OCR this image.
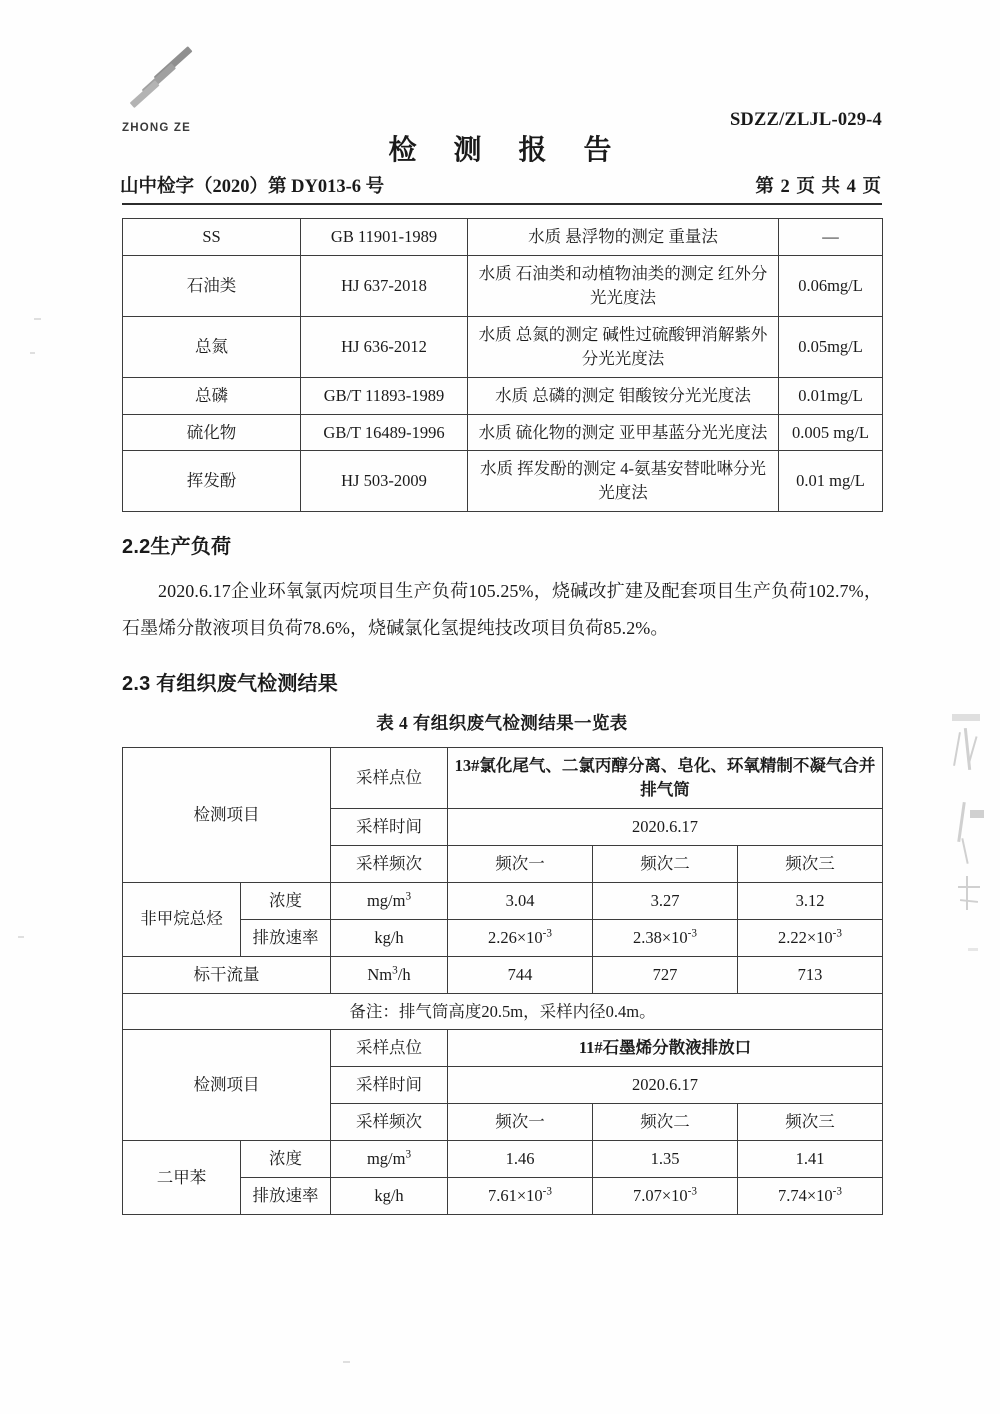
ZHONG ZE	SDZZ/ZLJL-029-4
检 测 报 告
山中检字（2020）第 DY013-6 号	第 2 页 共 4 页
SS	GB 11901-1989	水质 悬浮物的测定 重量法	—
石油类	HJ 637-2018	水质 石油类和动植物油类的测定 红外分光光度法	0.06mg/L
总氮	HJ 636-2012	水质 总氮的测定 碱性过硫酸钾消解紫外分光光度法	0.05mg/L
总磷	GB/T 11893-1989	水质 总磷的测定 钼酸铵分光光度法	0.01mg/L
硫化物	GB/T 16489-1996	水质 硫化物的测定 亚甲基蓝分光光度法	0.005 mg/L
挥发酚	HJ 503-2009	水质 挥发酚的测定 4-氨基安替吡啉分光光度法	0.01 mg/L
2.2生产负荷

2020.6.17企业环氧氯丙烷项目生产负荷105.25%，烧碱改扩建及配套项目生产负荷102.7%，石墨烯分散液项目负荷78.6%，烧碱氯化氢提纯技改项目负荷85.2%。

2.3 有组织废气检测结果
表 4 有组织废气检测结果一览表
检测项目		采样点位	13#氯化尾气、二氯丙醇分离、皂化、环氧精制不凝气合并排气筒		
		采样时间	2020.6.17		
		采样频次	频次一	频次二	频次三
非甲烷总烃	浓度	$mg/m^3$	3.04	3.27	3.12
	排放速率	kg/h	$2.26\times 10^{-3}$	$2.38\times 10^{-3}$	$2.22\times 10^{-3}$
标干流量		Nm$^3$/h	744	727	713
备注：排气筒高度20.5m，采样内径0.4m。					
检测项目		采样点位	11#石墨烯分散液排放口		
		采样时间	2020.6.17		
		采样频次	频次一	频次二	频次三
二甲苯	浓度	$mg/m^3$	1.46	1.35	1.41
	排放速率	kg/h	$7.61\times 10^{-3}$	$7.07\times 10^{-3}$	$7.74\times 10^{-3}$
